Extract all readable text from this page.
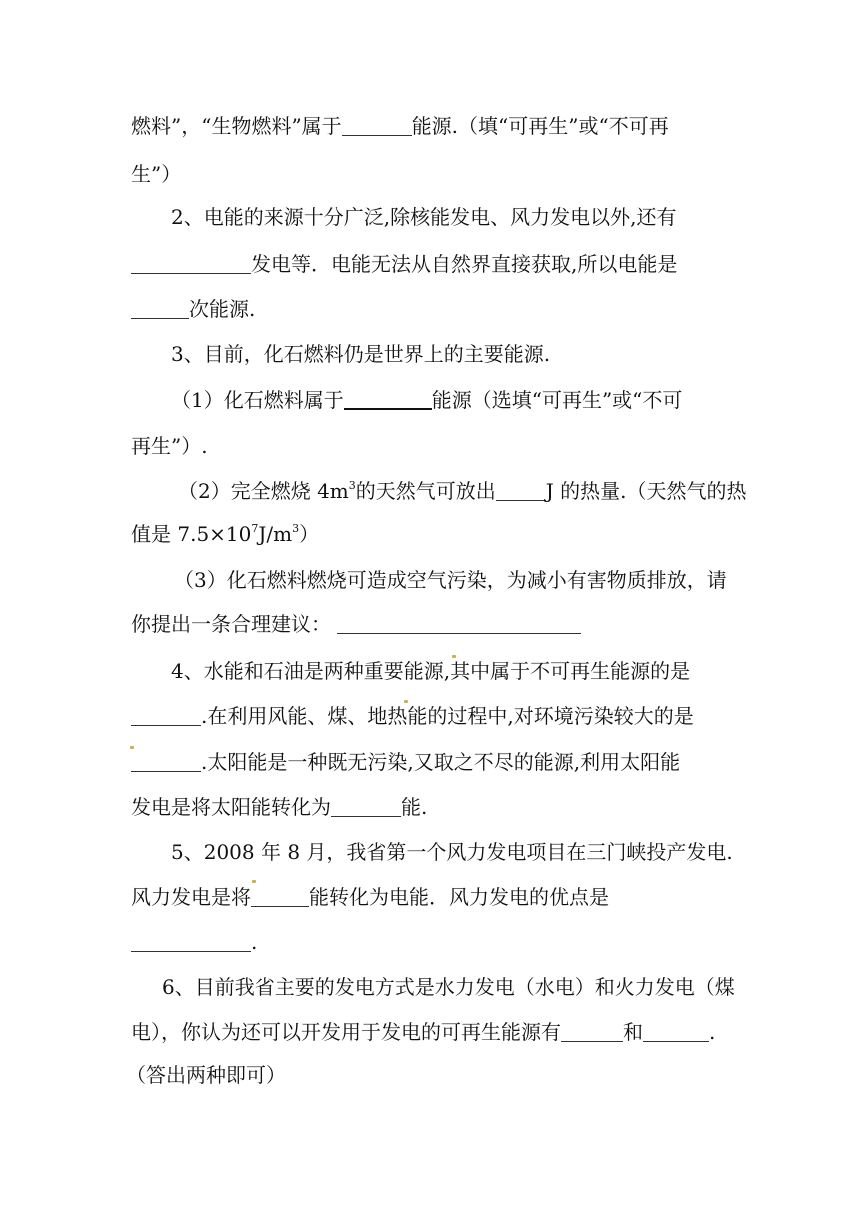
燃料”，“生物燃料”属于	能源.（填“可再生”或“不可再
生”）
2、电能的来源十分广泛,除核能发电、风力发电以外,还有
发电等．电能无法从自然界直接获取,所以电能是
次能源.
3、目前，化石燃料仍是世界上的主要能源.
（1）化石燃料属于	能源（选填“可再生”或“不可
再生”）.
（2）完全燃烧 $4m^3$的天然气可放出	J 的热量.（天然气的热
值是 $7.5\times 10^7J/m^3$）
（3）化石燃料燃烧可造成空气污染，为减小有害物质排放，请
你提出一条合理建议：
4、水能和石油是两种重要能源,其中属于不可再生能源的是
.在利用风能、煤、地热能的过程中,对环境污染较大的是
.太阳能是一种既无污染,又取之不尽的能源,利用太阳能
发电是将太阳能转化为	能.
5、2008 年 8 月，我省第一个风力发电项目在三门峡投产发电.
风力发电是将	能转化为电能．风力发电的优点是
.
6、目前我省主要的发电方式是水力发电（水电）和火力发电（煤
电），你认为还可以开发用于发电的可再生能源有	和	.
（答出两种即可）
